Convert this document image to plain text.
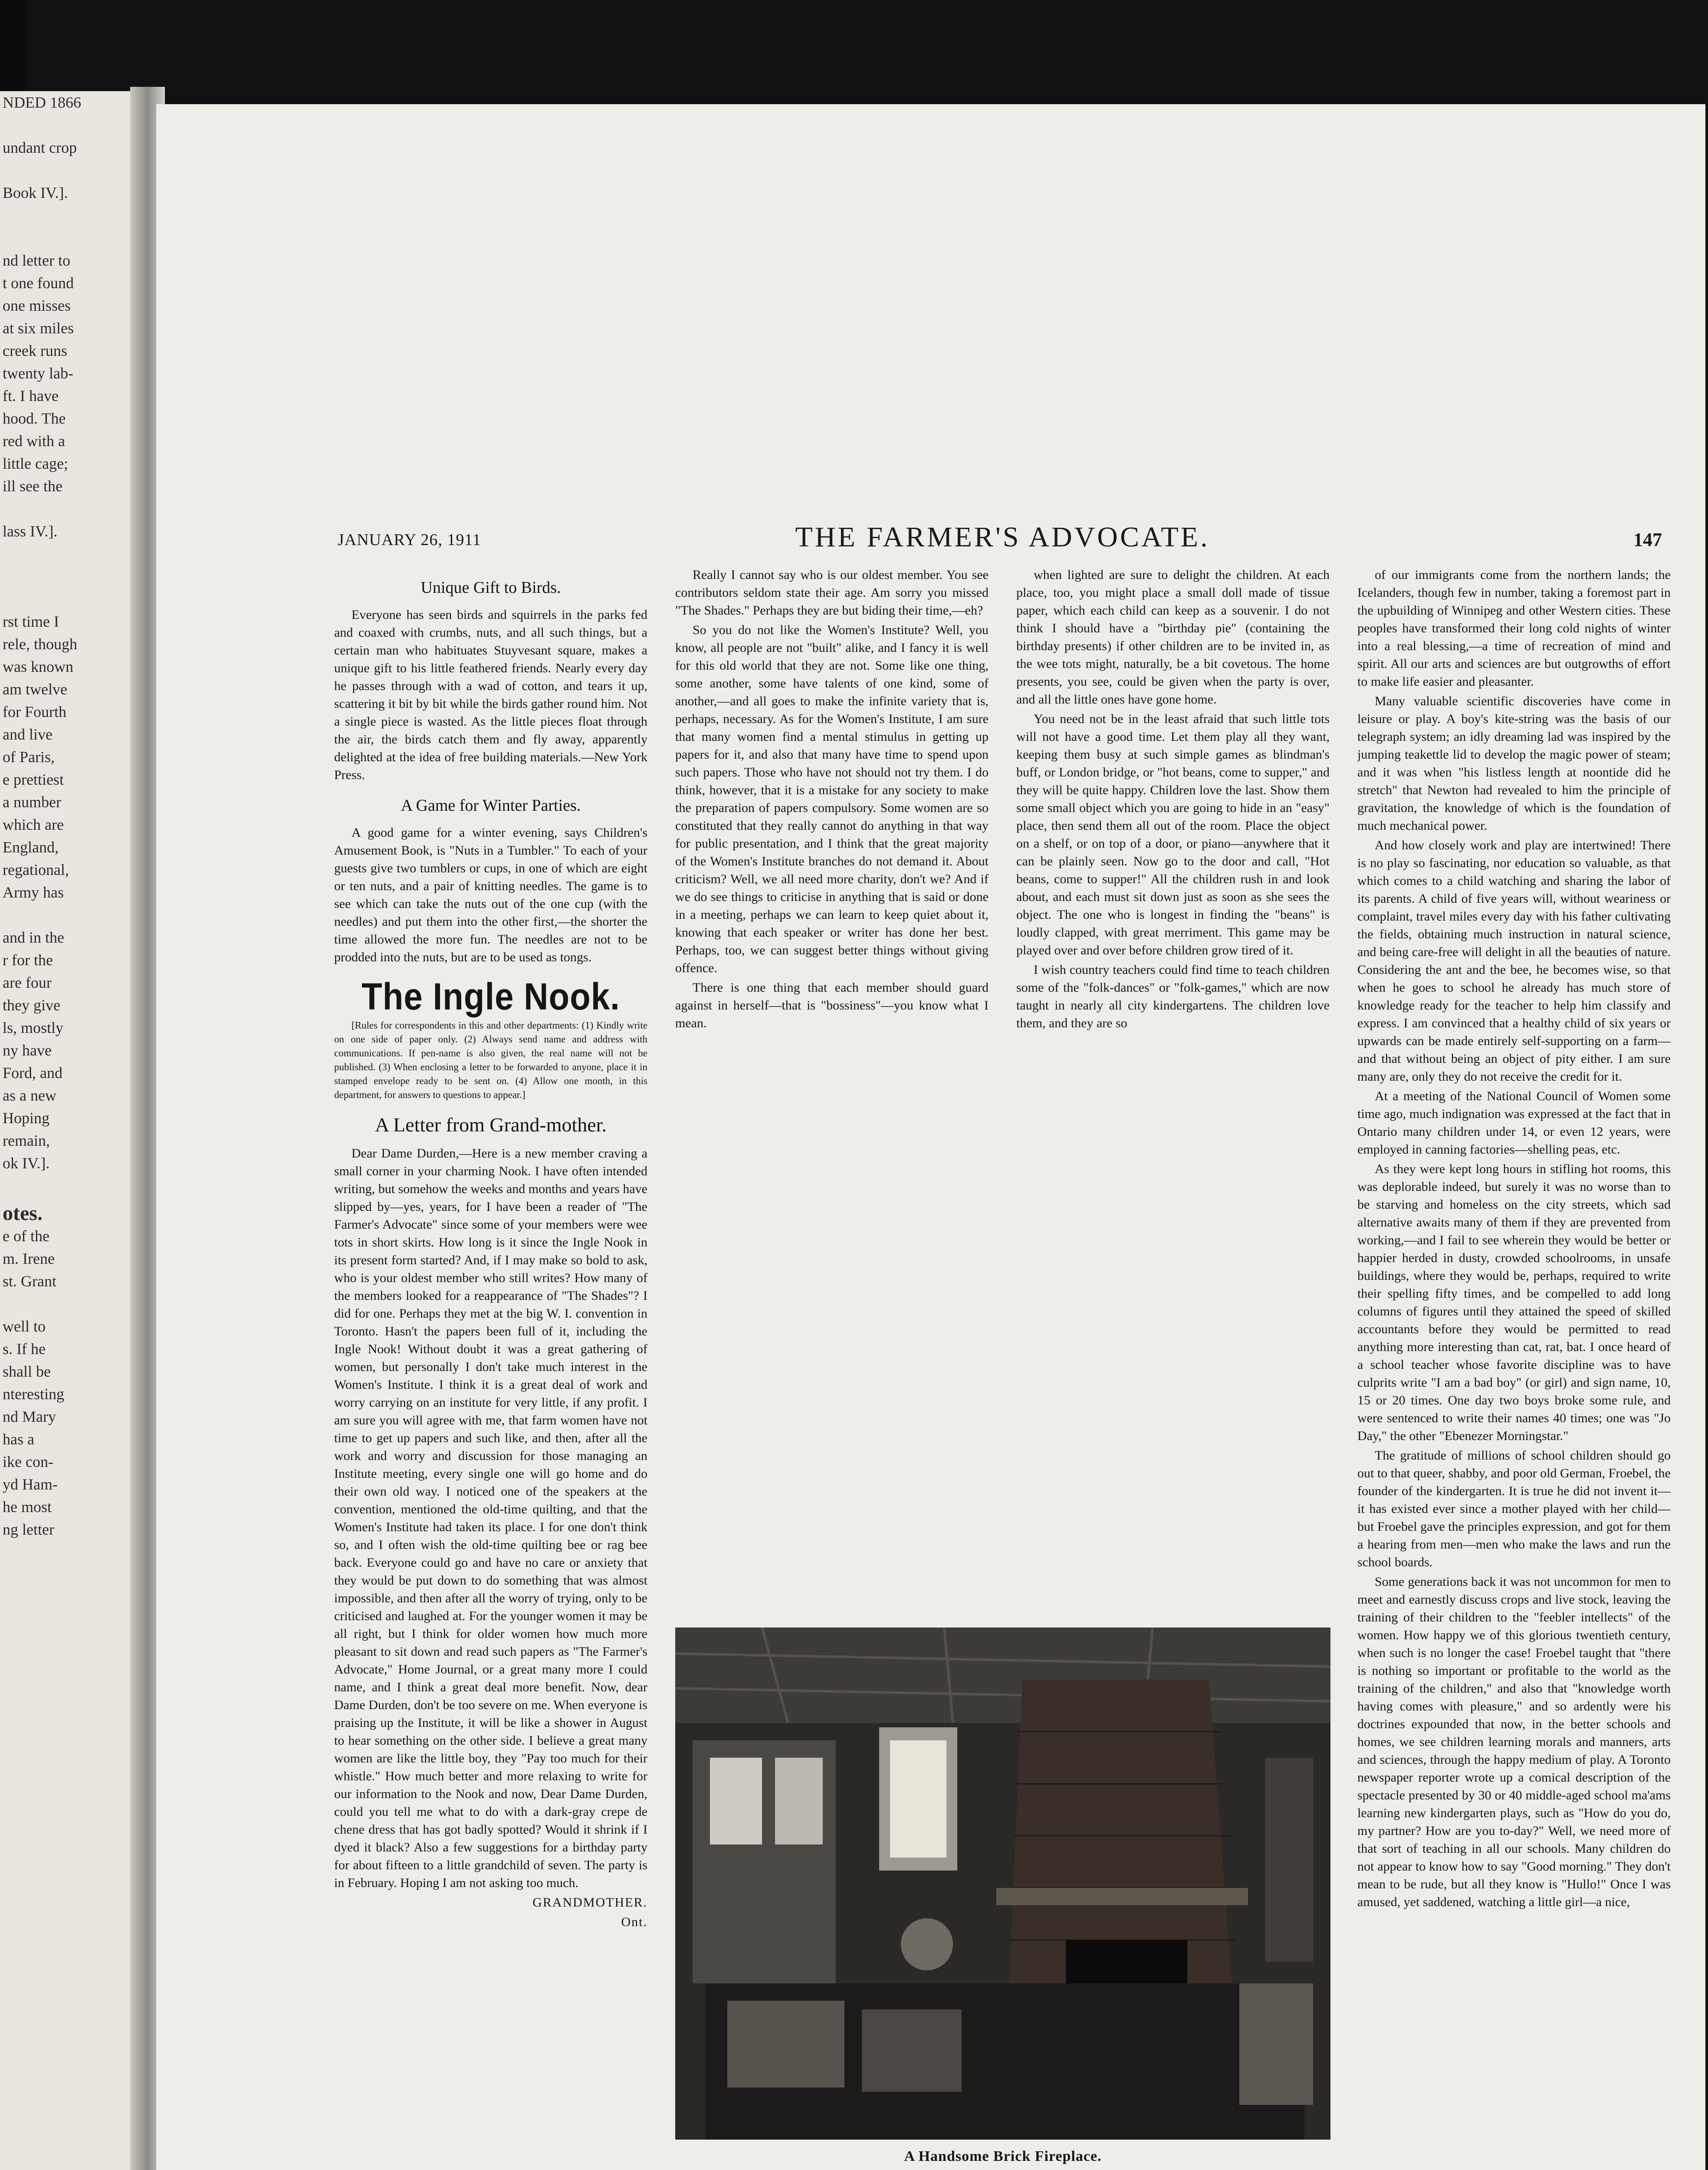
NDED 1866

undant crop

Book IV.].

nd letter to
t one found
one misses
at six miles
creek runs
twenty lab-
ft. I have
hood. The
red with a
little cage;
ill see the

lass IV.].

rst time I
rele, though
was known
am twelve
for Fourth
and live
of Paris,
e prettiest
a number
which are
England,
regational,
Army has

and in the
r for the
are four
they give
ls, mostly
ny have
Ford, and
as a new
Hoping
remain,
ok IV.].

otes.
e of the
m. Irene
st. Grant

well to
s. If he
shall be
nteresting
nd Mary
has a
ike con-
yd Ham-
he most
ng letter

JANUARY 26, 1911	THE FARMER'S ADVOCATE.	147
Unique Gift to Birds.

Everyone has seen birds and squirrels in the parks fed and coaxed with crumbs, nuts, and all such things, but a certain man who habituates Stuyvesant square, makes a unique gift to his little feathered friends. Nearly every day he passes through with a wad of cotton, and tears it up, scattering it bit by bit while the birds gather round him. Not a single piece is wasted. As the little pieces float through the air, the birds catch them and fly away, apparently delighted at the idea of free building materials.—New York Press.

A Game for Winter Parties.

A good game for a winter evening, says Children's Amusement Book, is "Nuts in a Tumbler." To each of your guests give two tumblers or cups, in one of which are eight or ten nuts, and a pair of knitting needles. The game is to see which can take the nuts out of the one cup (with the needles) and put them into the other first,—the shorter the time allowed the more fun. The needles are not to be prodded into the nuts, but are to be used as tongs.

The Ingle Nook.

[Rules for correspondents in this and other departments: (1) Kindly write on one side of paper only. (2) Always send name and address with communications. If pen-name is also given, the real name will not be published. (3) When enclosing a letter to be forwarded to anyone, place it in stamped envelope ready to be sent on. (4) Allow one month, in this department, for answers to questions to appear.]

A Letter from Grand-mother.

Dear Dame Durden,—Here is a new member craving a small corner in your charming Nook. I have often intended writing, but somehow the weeks and months and years have slipped by—yes, years, for I have been a reader of "The Farmer's Advocate" since some of your members were wee tots in short skirts. How long is it since the Ingle Nook in its present form started? And, if I may make so bold to ask, who is your oldest member who still writes? How many of the members looked for a reappearance of "The Shades"? I did for one. Perhaps they met at the big W. I. convention in Toronto. Hasn't the papers been full of it, including the Ingle Nook! Without doubt it was a great gathering of women, but personally I don't take much interest in the Women's Institute. I think it is a great deal of work and worry carrying on an institute for very little, if any profit. I am sure you will agree with me, that farm women have not time to get up papers and such like, and then, after all the work and worry and discussion for those managing an Institute meeting, every single one will go home and do their own old way. I noticed one of the speakers at the convention, mentioned the old-time quilting, and that the Women's Institute had taken its place. I for one don't think so, and I often wish the old-time quilting bee or rag bee back. Everyone could go and have no care or anxiety that they would be put down to do something that was almost impossible, and then after all the worry of trying, only to be criticised and laughed at. For the younger women it may be all right, but I think for older women how much more pleasant to sit down and read such papers as "The Farmer's Advocate," Home Journal, or a great many more I could name, and I think a great deal more benefit. Now, dear Dame Durden, don't be too severe on me. When everyone is praising up the Institute, it will be like a shower in August to hear something on the other side. I believe a great many women are like the little boy, they "Pay too much for their whistle." How much better and more relaxing to write for our information to the Nook and now, Dear Dame Durden, could you tell me what to do with a dark-gray crepe de chene dress that has got badly spotted? Would it shrink if I dyed it black? Also a few suggestions for a birthday party for about fifteen to a little grandchild of seven. The party is in February. Hoping I am not asking too much.

GRANDMOTHER.

Ont.

Really I cannot say who is our oldest member. You see contributors seldom state their age. Am sorry you missed "The Shades." Perhaps they are but biding their time,—eh?

So you do not like the Women's Institute? Well, you know, all people are not "built" alike, and I fancy it is well for this old world that they are not. Some like one thing, some another, some have talents of one kind, some of another,—and all goes to make the infinite variety that is, perhaps, necessary. As for the Women's Institute, I am sure that many women find a mental stimulus in getting up papers for it, and also that many have time to spend upon such papers. Those who have not should not try them. I do think, however, that it is a mistake for any society to make the preparation of papers compulsory. Some women are so constituted that they really cannot do anything in that way for public presentation, and I think that the great majority of the Women's Institute branches do not demand it. About criticism? Well, we all need more charity, don't we? And if we do see things to criticise in anything that is said or done in a meeting, perhaps we can learn to keep quiet about it, knowing that each speaker or writer has done her best. Perhaps, too, we can suggest better things without giving offence.

There is one thing that each member should guard against in herself—that is "bossiness"—you know what I mean.

when lighted are sure to delight the children. At each place, too, you might place a small doll made of tissue paper, which each child can keep as a souvenir. I do not think I should have a "birthday pie" (containing the birthday presents) if other children are to be invited in, as the wee tots might, naturally, be a bit covetous. The home presents, you see, could be given when the party is over, and all the little ones have gone home.

You need not be in the least afraid that such little tots will not have a good time. Let them play all they want, keeping them busy at such simple games as blindman's buff, or London bridge, or "hot beans, come to supper," and they will be quite happy. Children love the last. Show them some small object which you are going to hide in an "easy" place, then send them all out of the room. Place the object on a shelf, or on top of a door, or piano—anywhere that it can be plainly seen. Now go to the door and call, "Hot beans, come to supper!" All the children rush in and look about, and each must sit down just as soon as she sees the object. The one who is longest in finding the "beans" is loudly clapped, with great merriment. This game may be played over and over before children grow tired of it.

I wish country teachers could find time to teach children some of the "folk-dances" or "folk-games," which are now taught in nearly all city kindergartens. The children love them, and they are so

of our immigrants come from the northern lands; the Icelanders, though few in number, taking a foremost part in the upbuilding of Winnipeg and other Western cities. These peoples have transformed their long cold nights of winter into a real blessing,—a time of recreation of mind and spirit. All our arts and sciences are but outgrowths of effort to make life easier and pleasanter.

Many valuable scientific discoveries have come in leisure or play. A boy's kite-string was the basis of our telegraph system; an idly dreaming lad was inspired by the jumping teakettle lid to develop the magic power of steam; and it was when "his listless length at noontide did he stretch" that Newton had revealed to him the principle of gravitation, the knowledge of which is the foundation of much mechanical power.

And how closely work and play are intertwined! There is no play so fascinating, nor education so valuable, as that which comes to a child watching and sharing the labor of its parents. A child of five years will, without weariness or complaint, travel miles every day with his father cultivating the fields, obtaining much instruction in natural science, and being care-free will delight in all the beauties of nature. Considering the ant and the bee, he becomes wise, so that when he goes to school he already has much store of knowledge ready for the teacher to help him classify and express. I am convinced that a healthy child of six years or upwards can be made entirely self-supporting on a farm—and that without being an object of pity either. I am sure many are, only they do not receive the credit for it.

At a meeting of the National Council of Women some time ago, much indignation was expressed at the fact that in Ontario many children under 14, or even 12 years, were employed in canning factories—shelling peas, etc.

As they were kept long hours in stifling hot rooms, this was deplorable indeed, but surely it was no worse than to be starving and homeless on the city streets, which sad alternative awaits many of them if they are prevented from working,—and I fail to see wherein they would be better or happier herded in dusty, crowded schoolrooms, in unsafe buildings, where they would be, perhaps, required to write their spelling fifty times, and be compelled to add long columns of figures until they attained the speed of skilled accountants before they would be permitted to read anything more interesting than cat, rat, bat. I once heard of a school teacher whose favorite discipline was to have culprits write "I am a bad boy" (or girl) and sign name, 10, 15 or 20 times. One day two boys broke some rule, and were sentenced to write their names 40 times; one was "Jo Day," the other "Ebenezer Morningstar."

The gratitude of millions of school children should go out to that queer, shabby, and poor old German, Froebel, the founder of the kindergarten. It is true he did not invent it—it has existed ever since a mother played with her child—but Froebel gave the principles expression, and got for them a hearing from men—men who make the laws and run the school boards.

Some generations back it was not uncommon for men to meet and earnestly discuss crops and live stock, leaving the training of their children to the "feebler intellects" of the women. How happy we of this glorious twentieth century, when such is no longer the case! Froebel taught that "there is nothing so important or profitable to the world as the training of the children," and also that "knowledge worth having comes with pleasure," and so ardently were his doctrines expounded that now, in the better schools and homes, we see children learning morals and manners, arts and sciences, through the happy medium of play. A Toronto newspaper reporter wrote up a comical description of the spectacle presented by 30 or 40 middle-aged school ma'ams learning new kindergarten plays, such as "How do you do, my partner? How are you to-day?" Well, we need more of that sort of teaching in all our schools. Many children do not appear to know how to say "Good morning." They don't mean to be rude, but all they know is "Hullo!" Once I was amused, yet saddened, watching a little girl—a nice,

A Handsome Brick Fireplace.
